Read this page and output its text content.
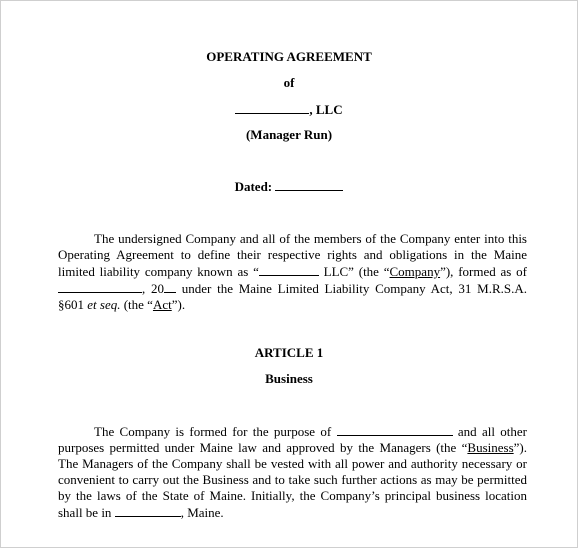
OPERATING AGREEMENT
of
, LLC
(Manager Run)
Dated:
The undersigned Company and all of the members of the Company enter into this Operating Agreement to define their respective rights and obligations in the Maine limited liability company known as “	LLC” (the “Company”), formed as of , 20 under the Maine Limited Liability Company Act, 31 M.R.S.A. §601 et seq. (the “Act”).
ARTICLE 1
Business
The Company is formed for the purpose of	and all other purposes permitted under Maine law and approved by the Managers (the “Business”). The Managers of the Company shall be vested with all power and authority necessary or convenient to carry out the Business and to take such further actions as may be permitted by the laws of the State of Maine. Initially, the Company’s principal business location shall be in	, Maine.
